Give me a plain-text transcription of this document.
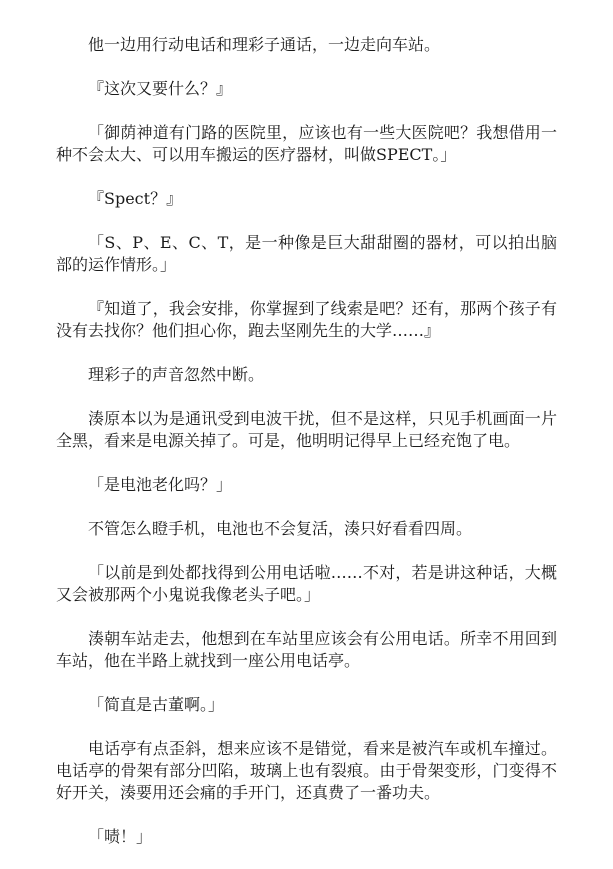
他一边用行动电话和理彩子通话，一边走向车站。

『这次又要什么？』

「御荫神道有门路的医院里，应该也有一些大医院吧？我想借用一种不会太大、可以用车搬运的医疗器材，叫做SPECT。」

『Spect？』

「S、P、E、C、T，是一种像是巨大甜甜圈的器材，可以拍出脑部的运作情形。」

『知道了，我会安排，你掌握到了线索是吧？还有，那两个孩子有没有去找你？他们担心你，跑去坚刚先生的大学……』

理彩子的声音忽然中断。

湊原本以为是通讯受到电波干扰，但不是这样，只见手机画面一片全黑，看来是电源关掉了。可是，他明明记得早上已经充饱了电。

「是电池老化吗？」

不管怎么瞪手机，电池也不会复活，湊只好看看四周。

「以前是到处都找得到公用电话啦……不对，若是讲这种话，大概又会被那两个小鬼说我像老头子吧。」

湊朝车站走去，他想到在车站里应该会有公用电话。所幸不用回到车站，他在半路上就找到一座公用电话亭。

「简直是古董啊。」

电话亭有点歪斜，想来应该不是错觉，看来是被汽车或机车撞过。电话亭的骨架有部分凹陷，玻璃上也有裂痕。由于骨架变形，门变得不好开关，湊要用还会痛的手开门，还真费了一番功夫。

「啧！」
